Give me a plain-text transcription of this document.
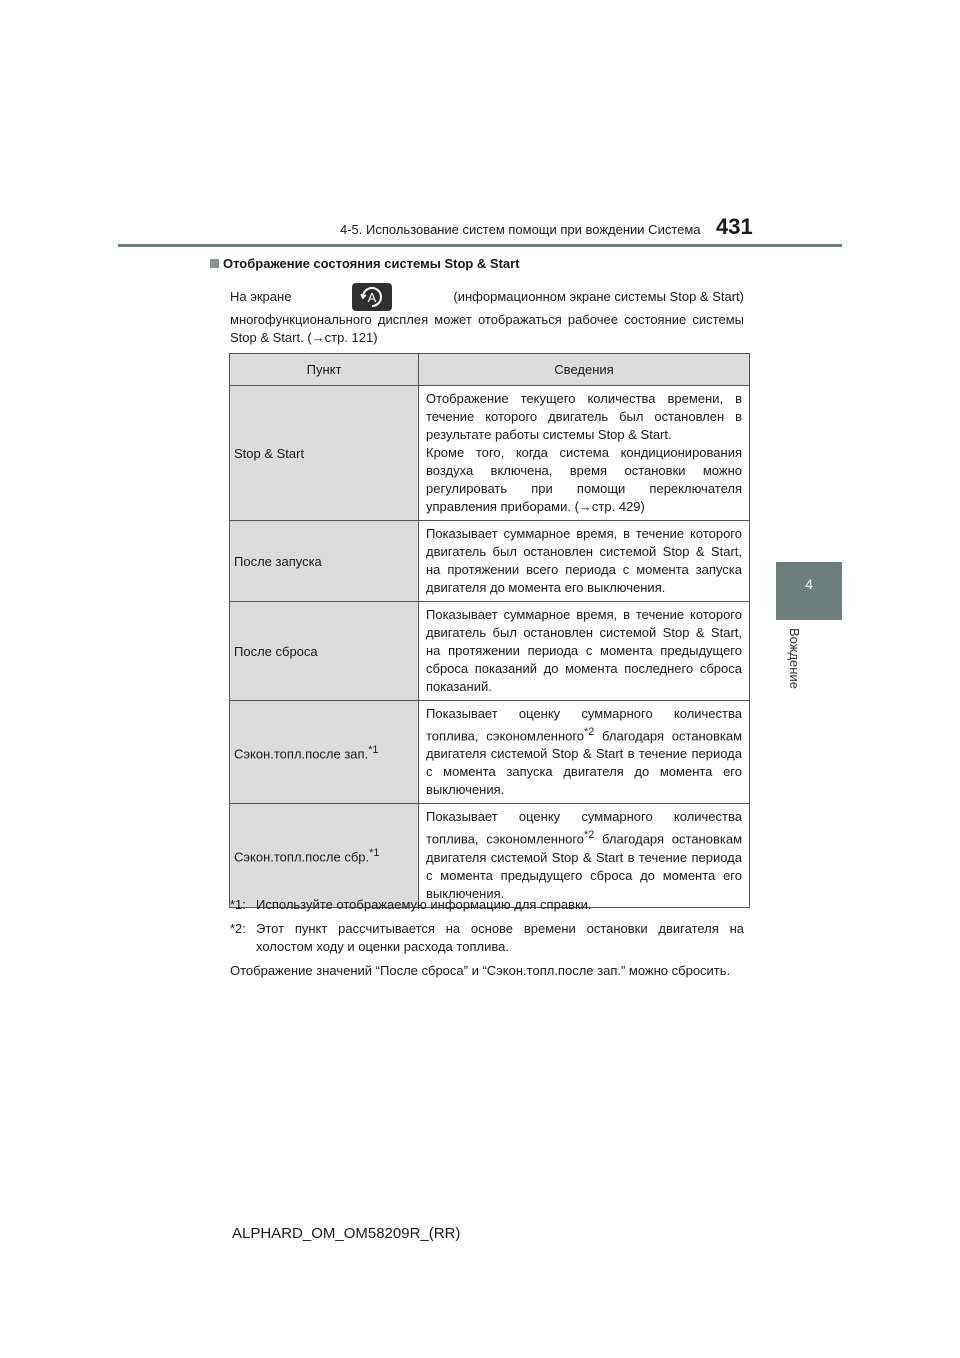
4-5. Использование систем помощи при вождении Система 431
4
Вождение
Отображение состояния системы Stop & Start
На экране	A	(информационном экране системы Stop & Start)
многофункционального дисплея может отображаться рабочее состояние системы Stop & Start. (→стр. 121)
Пункт	Сведения
Stop & Start	Отображение текущего количества времени, в течение которого двигатель был остановлен в результате работы системы Stop & Start.
Кроме того, когда система кондиционирования воздуха включена, время остановки можно регулировать при помощи переключателя управления приборами. (→стр. 429)

После запуска	Показывает суммарное время, в течение которого двигатель был остановлен системой Stop & Start, на протяжении всего периода с момента запуска двигателя до момента его выключения.

После сброса	Показывает суммарное время, в течение которого двигатель был остановлен системой Stop & Start, на протяжении периода с момента предыдущего сброса показаний до момента последнего сброса показаний.

Сэкон.топл.после зап.$^{*1}$	Показывает оценку суммарного количества топлива, сэкономленного$^{*2}$ благодаря остановкам двигателя системой Stop & Start в течение периода с момента запуска двигателя до момента его выключения.
Сэкон.топл.после сбр.$^{*1}$	Показывает оценку суммарного количества топлива, сэкономленного$^{*2}$ благодаря остановкам двигателя системой Stop & Start в течение периода с момента предыдущего сброса до момента его выключения.
*1: Используйте отображаемую информацию для справки.
*2: Этот пункт рассчитывается на основе времени остановки двигателя на холостом ходу и оценки расхода топлива.
Отображение значений “После сброса” и “Сэкон.топл.после зап.” можно сбросить.
ALPHARD_OM_OM58209R_(RR)
